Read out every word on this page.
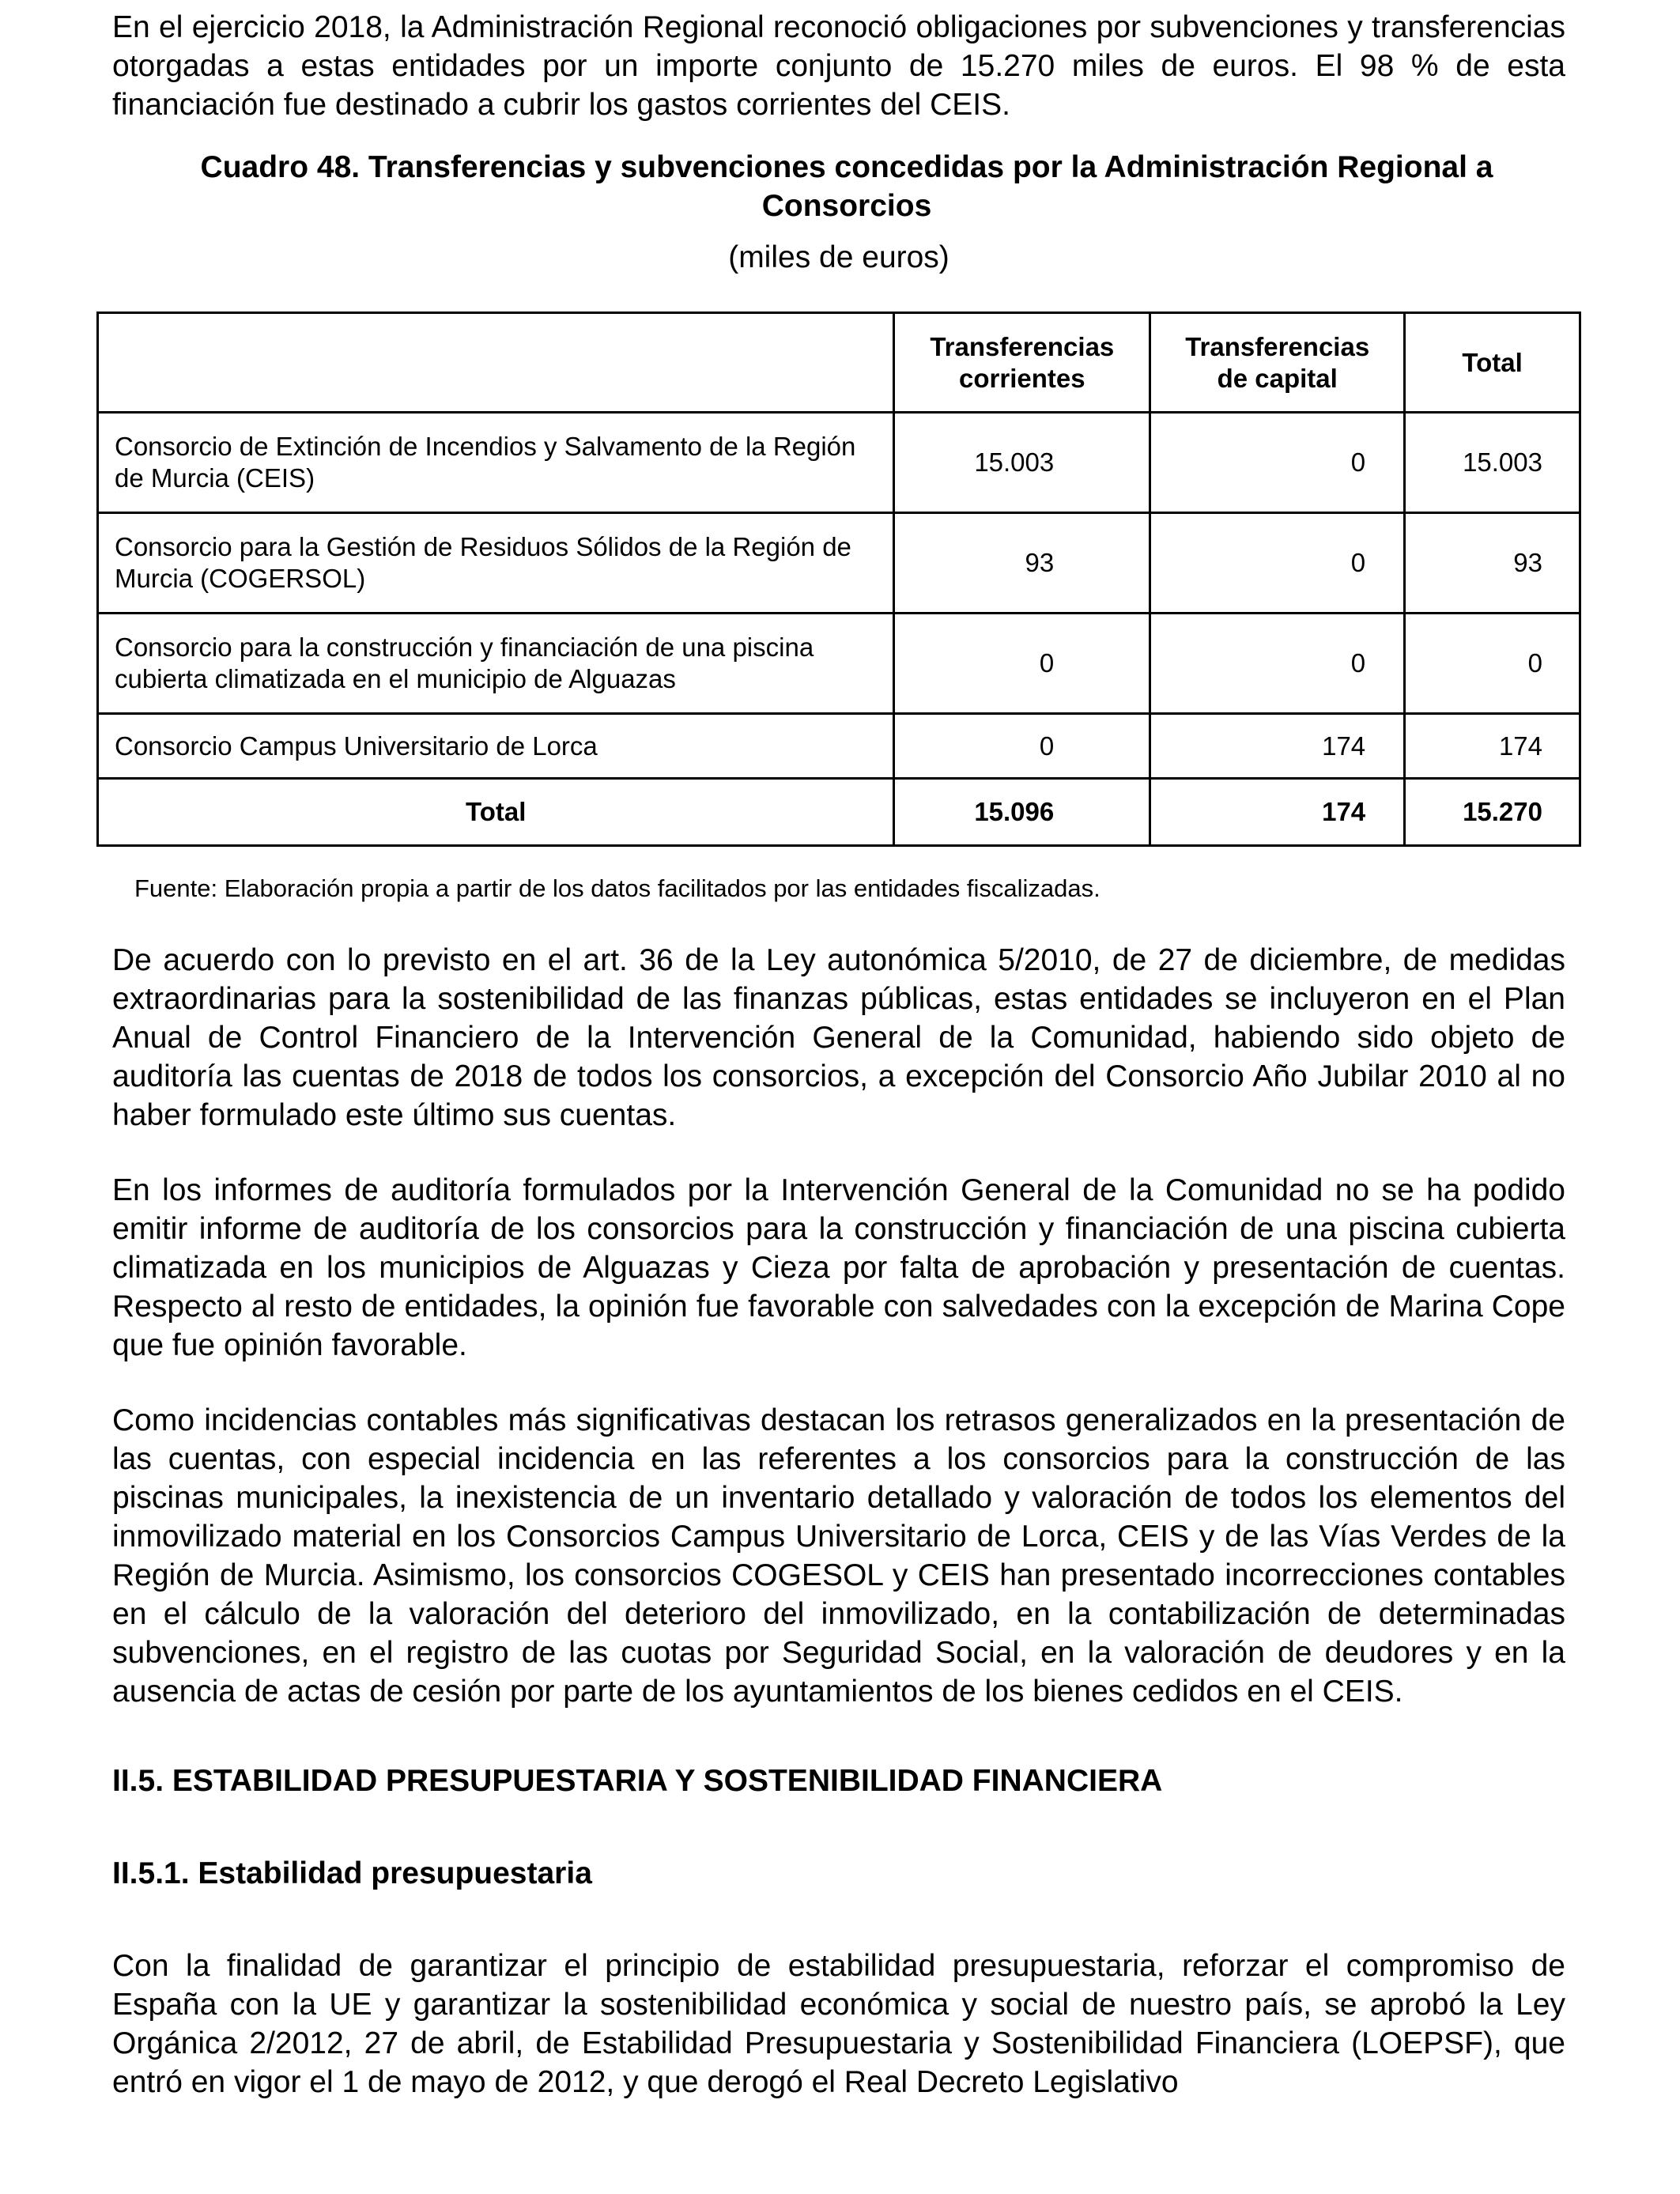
En el ejercicio 2018, la Administración Regional reconoció obligaciones por subvenciones y transferencias otorgadas a estas entidades por un importe conjunto de 15.270 miles de euros. El 98 % de esta financiación fue destinado a cubrir los gastos corrientes del CEIS.

Cuadro 48. Transferencias y subvenciones concedidas por la Administración Regional a Consorcios

(miles de euros)

	Transferencias corrientes	Transferencias de capital	Total
Consorcio de Extinción de Incendios y Salvamento de la Región de Murcia (CEIS)	15.003	0	15.003
Consorcio para la Gestión de Residuos Sólidos de la Región de Murcia (COGERSOL)	93	0	93
Consorcio para la construcción y financiación de una piscina cubierta climatizada en el municipio de Alguazas	0	0	0
Consorcio Campus Universitario de Lorca	0	174	174
Total	15.096	174	15.270
Fuente: Elaboración propia a partir de los datos facilitados por las entidades fiscalizadas.

De acuerdo con lo previsto en el art. 36 de la Ley autonómica 5/2010, de 27 de diciembre, de medidas extraordinarias para la sostenibilidad de las finanzas públicas, estas entidades se incluyeron en el Plan Anual de Control Financiero de la Intervención General de la Comunidad, habiendo sido objeto de auditoría las cuentas de 2018 de todos los consorcios, a excepción del Consorcio Año Jubilar 2010 al no haber formulado este último sus cuentas.

En los informes de auditoría formulados por la Intervención General de la Comunidad no se ha podido emitir informe de auditoría de los consorcios para la construcción y financiación de una piscina cubierta climatizada en los municipios de Alguazas y Cieza por falta de aprobación y presentación de cuentas. Respecto al resto de entidades, la opinión fue favorable con salvedades con la excepción de Marina Cope que fue opinión favorable.

Como incidencias contables más significativas destacan los retrasos generalizados en la presentación de las cuentas, con especial incidencia en las referentes a los consorcios para la construcción de las piscinas municipales, la inexistencia de un inventario detallado y valoración de todos los elementos del inmovilizado material en los Consorcios Campus Universitario de Lorca, CEIS y de las Vías Verdes de la Región de Murcia. Asimismo, los consorcios COGESOL y CEIS han presentado incorrecciones contables en el cálculo de la valoración del deterioro del inmovilizado, en la contabilización de determinadas subvenciones, en el registro de las cuotas por Seguridad Social, en la valoración de deudores y en la ausencia de actas de cesión por parte de los ayuntamientos de los bienes cedidos en el CEIS.

II.5. ESTABILIDAD PRESUPUESTARIA Y SOSTENIBILIDAD FINANCIERA

II.5.1. Estabilidad presupuestaria

Con la finalidad de garantizar el principio de estabilidad presupuestaria, reforzar el compromiso de España con la UE y garantizar la sostenibilidad económica y social de nuestro país, se aprobó la Ley Orgánica 2/2012, 27 de abril, de Estabilidad Presupuestaria y Sostenibilidad Financiera (LOEPSF), que entró en vigor el 1 de mayo de 2012, y que derogó el Real Decreto Legislativo
